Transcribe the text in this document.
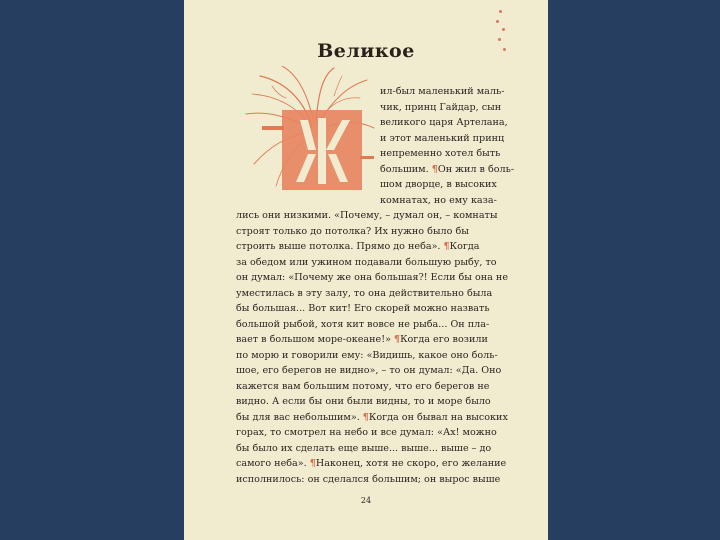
Великое
ил-был маленький маль-
чик, принц Гайдар, сын
великого царя Артелана,
и этот маленький принц
непременно хотел быть
большим. ¶Он жил в боль-
шом дворце, в высоких
комнатах, но ему каза-
лись они низкими. «Почему, – думал он, – комнаты
строят только до потолка? Их нужно было бы
строить выше потолка. Прямо до неба». ¶Когда
за обедом или ужином подавали большую рыбу, то
он думал: «Почему же она большая?! Если бы она не
уместилась в эту залу, то она действительно была
бы большая... Вот кит! Его скорей можно назвать
большой рыбой, хотя кит вовсе не рыба... Он пла-
вает в большом море-океане!» ¶Когда его возили
по морю и говорили ему: «Видишь, какое оно боль-
шое, его берегов не видно», – то он думал: «Да. Оно
кажется вам большим потому, что его берегов не
видно. А если бы они были видны, то и море было
бы для вас небольшим». ¶Когда он бывал на высоких
горах, то смотрел на небо и все думал: «Ах! можно
бы было их сделать еще выше... выше... выше – до
самого неба». ¶Наконец, хотя не скоро, его желание
исполнилось: он сделался большим; он вырос выше
24
